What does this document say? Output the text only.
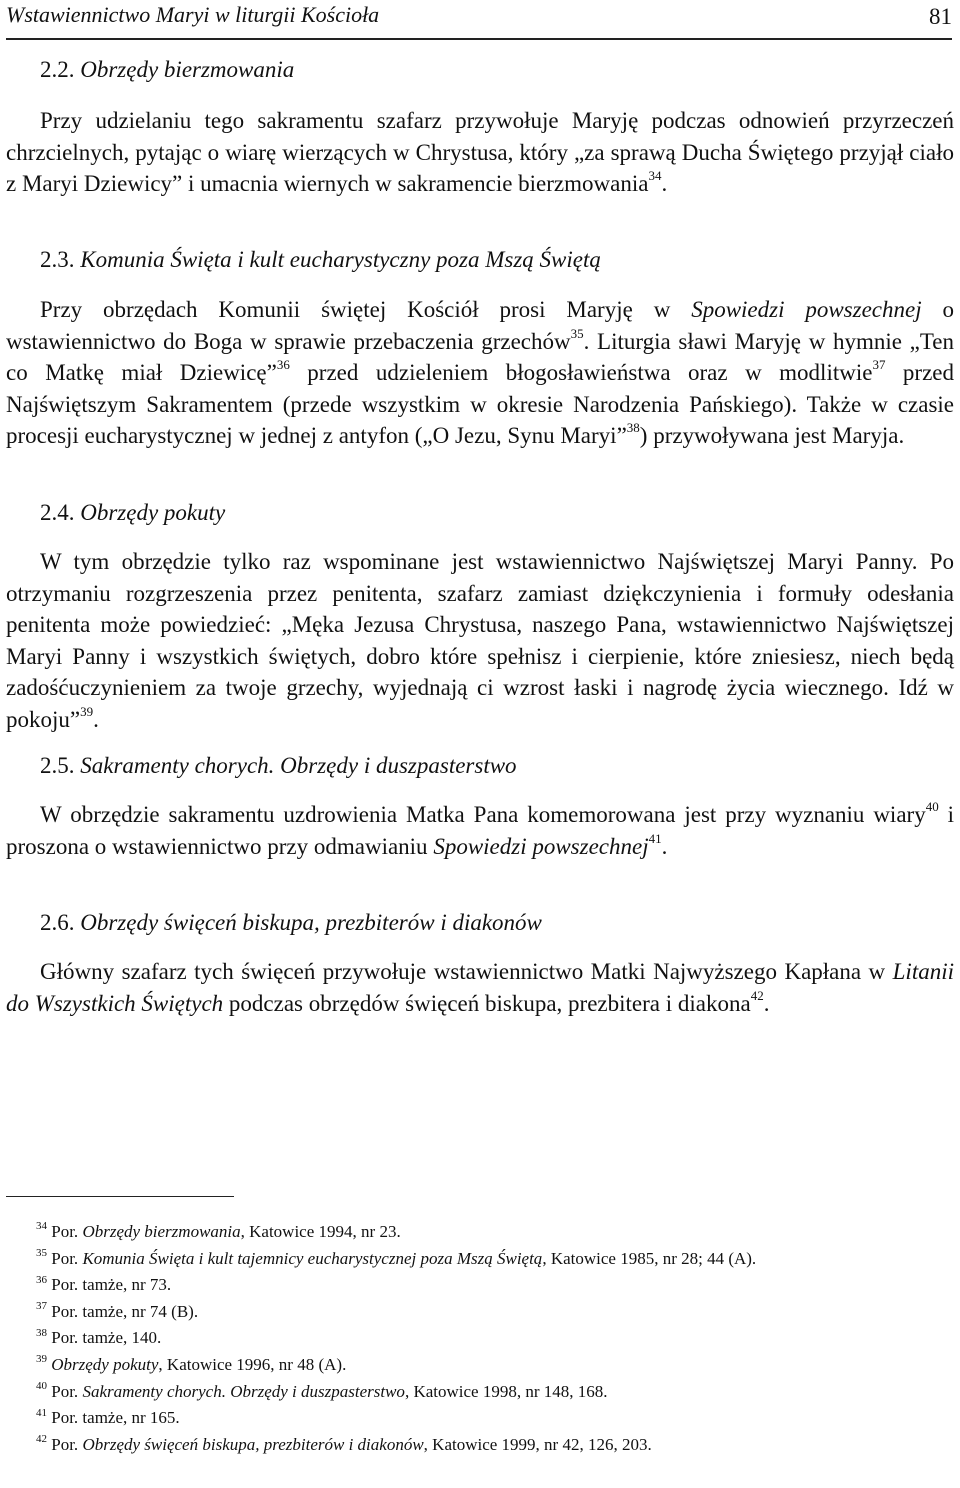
Wstawiennictwo Maryi w liturgii Kościoła	81
2.2. Obrzędy bierzmowania

Przy udzielaniu tego sakramentu szafarz przywołuje Maryję podczas odnowień przyrzeczeń chrzcielnych, pytając o wiarę wierzących w Chrystusa, który „za sprawą Ducha Świętego przyjął ciało z Maryi Dziewicy” i umacnia wiernych w sakramencie bierzmowania$^{34}$.

2.3. Komunia Święta i kult eucharystyczny poza Mszą Świętą

Przy obrzędach Komunii świętej Kościół prosi Maryję w Spowiedzi powszechnej o wstawiennictwo do Boga w sprawie przebaczenia grzechów$^{35}$. Liturgia sławi Maryję w hymnie „Ten co Matkę miał Dziewicę”$^{36}$ przed udzieleniem błogosławieństwa oraz w modlitwie$^{37}$ przed Najświętszym Sakramentem (przede wszystkim w okresie Narodzenia Pańskiego). Także w czasie procesji eucharystycznej w jednej z antyfon („O Jezu, Synu Maryi”$^{38}$) przywoływana jest Maryja.

2.4. Obrzędy pokuty

W tym obrzędzie tylko raz wspominane jest wstawiennictwo Najświętszej Maryi Panny. Po otrzymaniu rozgrzeszenia przez penitenta, szafarz zamiast dziękczynienia i formuły odesłania penitenta może powiedzieć: „Męka Jezusa Chrystusa, naszego Pana, wstawiennictwo Najświętszej Maryi Panny i wszystkich świętych, dobro które spełnisz i cierpienie, które zniesiesz, niech będą zadośćuczynieniem za twoje grzechy, wyjednają ci wzrost łaski i nagrodę życia wiecznego. Idź w pokoju”$^{39}$.

2.5. Sakramenty chorych. Obrzędy i duszpasterstwo

W obrzędzie sakramentu uzdrowienia Matka Pana komemorowana jest przy wyznaniu wiary$^{40}$ i proszona o wstawiennictwo przy odmawianiu Spowiedzi powszechnej$^{41}$.

2.6. Obrzędy święceń biskupa, prezbiterów i diakonów

Główny szafarz tych święceń przywołuje wstawiennictwo Matki Najwyższego Kapłana w Litanii do Wszystkich Świętych podczas obrzędów święceń biskupa, prezbitera i diakona$^{42}$.

$^{34}$ Por. Obrzędy bierzmowania, Katowice 1994, nr 23.

$^{35}$ Por. Komunia Święta i kult tajemnicy eucharystycznej poza Mszą Świętą, Katowice 1985, nr 28; 44 (A).

$^{36}$ Por. tamże, nr 73.

$^{37}$ Por. tamże, nr 74 (B).

$^{38}$ Por. tamże, 140.

$^{39}$ Obrzędy pokuty, Katowice 1996, nr 48 (A).

$^{40}$ Por. Sakramenty chorych. Obrzędy i duszpasterstwo, Katowice 1998, nr 148, 168.

$^{41}$ Por. tamże, nr 165.

$^{42}$ Por. Obrzędy święceń biskupa, prezbiterów i diakonów, Katowice 1999, nr 42, 126, 203.
